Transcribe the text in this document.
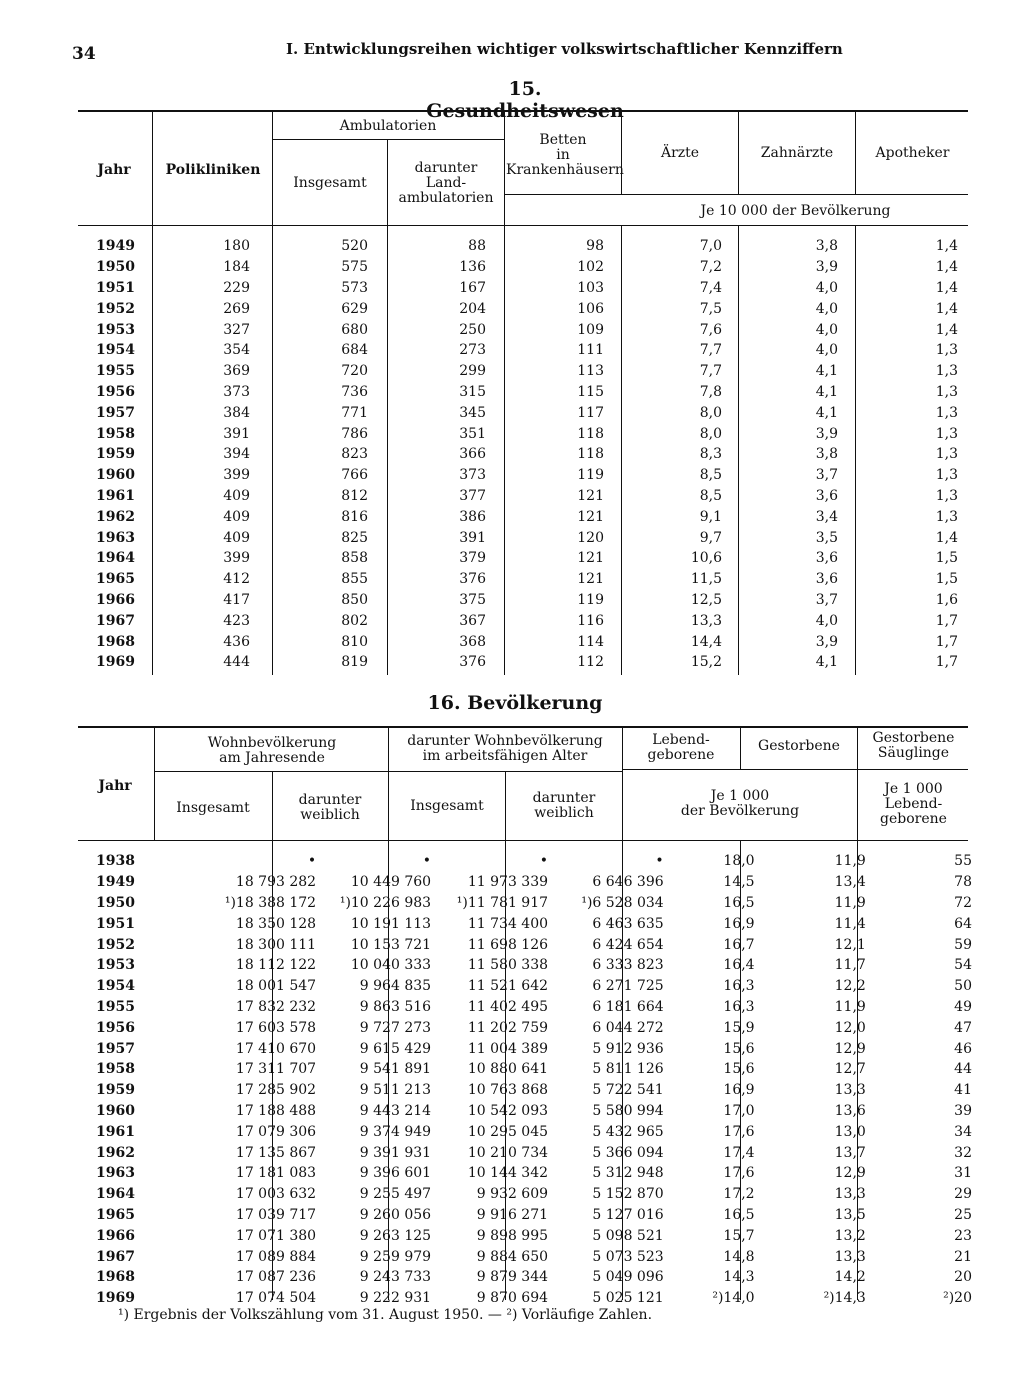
34	I. Entwicklungsreihen wichtiger volkswirtschaftlicher Kennziffern
15. Gesundheitswesen
Jahr	Polikliniken
Ambulatorien
Insgesamt
darunter
Land-
ambulatorien
Betten
in
Krankenhäusern
Ärzte	Zahnärzte	Apotheker
Je 10 000 der Bevölkerung
1949	180	520	88	98	7,0	3,8	1,4
1950	184	575	136	102	7,2	3,9	1,4
1951	229	573	167	103	7,4	4,0	1,4
1952	269	629	204	106	7,5	4,0	1,4
1953	327	680	250	109	7,6	4,0	1,4
1954	354	684	273	111	7,7	4,0	1,3
1955	369	720	299	113	7,7	4,1	1,3
1956	373	736	315	115	7,8	4,1	1,3
1957	384	771	345	117	8,0	4,1	1,3
1958	391	786	351	118	8,0	3,9	1,3
1959	394	823	366	118	8,3	3,8	1,3
1960	399	766	373	119	8,5	3,7	1,3
1961	409	812	377	121	8,5	3,6	1,3
1962	409	816	386	121	9,1	3,4	1,3
1963	409	825	391	120	9,7	3,5	1,4
1964	399	858	379	121	10,6	3,6	1,5
1965	412	855	376	121	11,5	3,6	1,5
1966	417	850	375	119	12,5	3,7	1,6
1967	423	802	367	116	13,3	4,0	1,7
1968	436	810	368	114	14,4	3,9	1,7
1969	444	819	376	112	15,2	4,1	1,7
16. Bevölkerung
Jahr
Wohnbevölkerung
am Jahresende
darunter Wohnbevölkerung
im arbeitsfähigen Alter
Insgesamt	darunter
weiblich
Insgesamt	darunter
weiblich
Lebend-
geborene
Gestorbene	Gestorbene
Säuglinge
Je 1 000
der Bevölkerung
Je 1 000
Lebend-
geborene
1938	•	•	•	•	18,0	11,9	55
1949	18 793 282	10 449 760	11 973 339	6 646 396	14,5	13,4	78
1950	¹)18 388 172	¹)10 226 983	¹)11 781 917	¹)6 528 034	16,5	11,9	72
1951	18 350 128	10 191 113	11 734 400	6 463 635	16,9	11,4	64
1952	18 300 111	10 153 721	11 698 126	6 424 654	16,7	12,1	59
1953	18 112 122	10 040 333	11 580 338	6 333 823	16,4	11,7	54
1954	18 001 547	9 964 835	11 521 642	6 271 725	16,3	12,2	50
1955	17 832 232	9 863 516	11 402 495	6 181 664	16,3	11,9	49
1956	17 603 578	9 727 273	11 202 759	6 044 272	15,9	12,0	47
1957	17 410 670	9 615 429	11 004 389	5 912 936	15,6	12,9	46
1958	17 311 707	9 541 891	10 880 641	5 811 126	15,6	12,7	44
1959	17 285 902	9 511 213	10 763 868	5 722 541	16,9	13,3	41
1960	17 188 488	9 443 214	10 542 093	5 580 994	17,0	13,6	39
1961	17 079 306	9 374 949	10 295 045	5 432 965	17,6	13,0	34
1962	17 135 867	9 391 931	10 210 734	5 366 094	17,4	13,7	32
1963	17 181 083	9 396 601	10 144 342	5 312 948	17,6	12,9	31
1964	17 003 632	9 255 497	9 932 609	5 152 870	17,2	13,3	29
1965	17 039 717	9 260 056	9 916 271	5 127 016	16,5	13,5	25
1966	17 071 380	9 263 125	9 898 995	5 098 521	15,7	13,2	23
1967	17 089 884	9 259 979	9 884 650	5 073 523	14,8	13,3	21
1968	17 087 236	9 243 733	9 879 344	5 049 096	14,3	14,2	20
1969	17 074 504	9 222 931	9 870 694	5 025 121	²)14,0	²)14,3	²)20
¹) Ergebnis der Volkszählung vom 31. August 1950. — ²) Vorläufige Zahlen.
